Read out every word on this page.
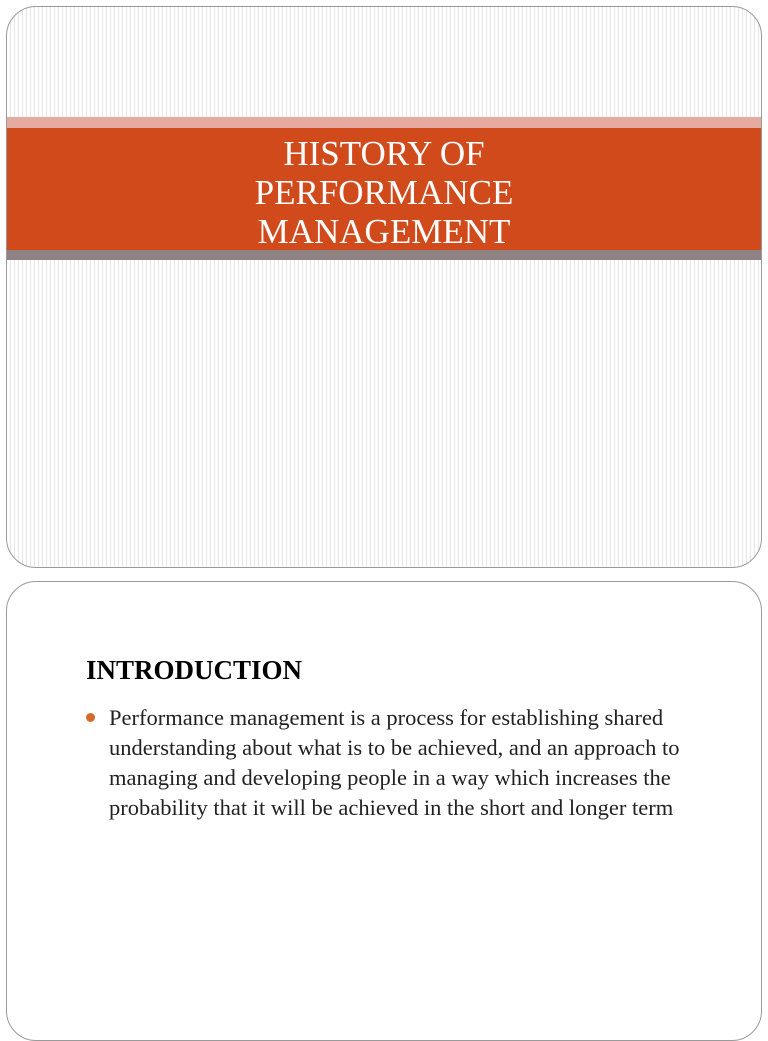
HISTORY OF PERFORMANCE MANAGEMENT
INTRODUCTION
Performance management is a process for establishing shared understanding about what is to be achieved, and an approach to managing and developing people in a way which increases the probability that it will be achieved in the short and longer term
